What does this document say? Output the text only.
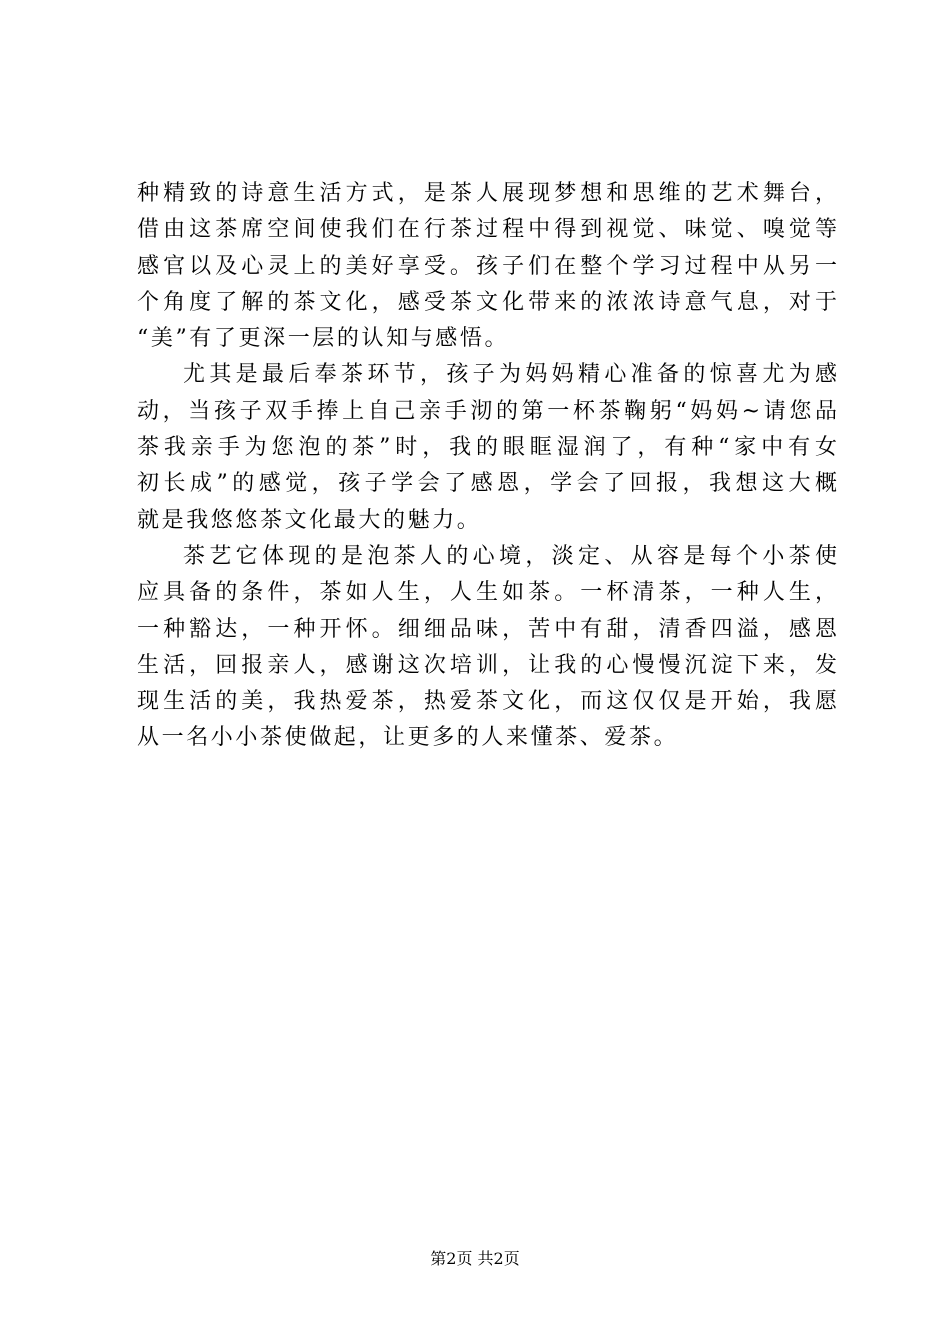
种精致的诗意生活方式，是茶人展现梦想和思维的艺术舞台，
借由这茶席空间使我们在行茶过程中得到视觉、味觉、嗅觉等
感官以及心灵上的美好享受。孩子们在整个学习过程中从另一
个角度了解的茶文化，感受茶文化带来的浓浓诗意气息，对于
“美”有了更深一层的认知与感悟。
尤其是最后奉茶环节，孩子为妈妈精心准备的惊喜尤为感
动，当孩子双手捧上自己亲手沏的第一杯茶鞠躬“妈妈~请您品
茶我亲手为您泡的茶”时，我的眼眶湿润了，有种“家中有女
初长成”的感觉，孩子学会了感恩，学会了回报，我想这大概
就是我悠悠茶文化最大的魅力。
茶艺它体现的是泡茶人的心境，淡定、从容是每个小茶使
应具备的条件，茶如人生，人生如茶。一杯清茶，一种人生，
一种豁达，一种开怀。细细品味，苦中有甜，清香四溢，感恩
生活，回报亲人，感谢这次培训，让我的心慢慢沉淀下来，发
现生活的美，我热爱茶，热爱茶文化，而这仅仅是开始，我愿
从一名小小茶使做起，让更多的人来懂茶、爱茶。
第2页 共2页
